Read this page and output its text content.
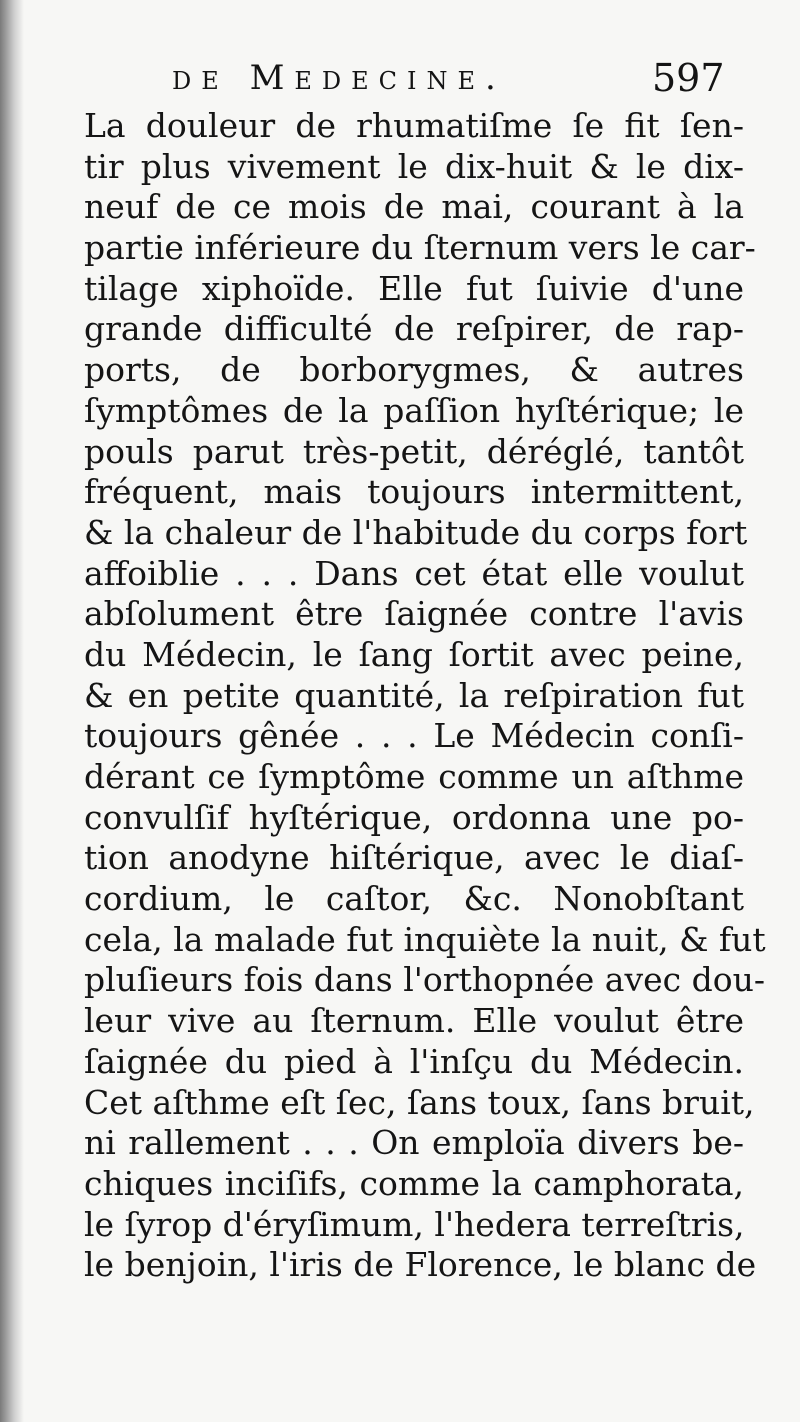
de Medecine.	597
La douleur de rhumatiſme ſe fit ſen-
tir plus vivement le dix-huit & le dix-
neuf de ce mois de mai, courant à la
partie inférieure du ſternum vers le car-
tilage xiphoïde. Elle fut ſuivie d'une
grande difficulté de reſpirer, de rap-
ports, de borborygmes, & autres
ſymptômes de la paſſion hyſtérique; le
pouls parut très-petit, déréglé, tantôt
fréquent, mais toujours intermittent,
& la chaleur de l'habitude du corps fort
affoiblie . . . Dans cet état elle voulut
abſolument être ſaignée contre l'avis
du Médecin, le ſang ſortit avec peine,
& en petite quantité, la reſpiration fut
toujours gênée . . . Le Médecin conſi-
dérant ce ſymptôme comme un aſthme
convulſif hyſtérique, ordonna une po-
tion anodyne hiſtérique, avec le diaſ-
cordium, le caſtor, &c. Nonobſtant
cela, la malade fut inquiète la nuit, & fut
pluſieurs fois dans l'orthopnée avec dou-
leur vive au ſternum. Elle voulut être
ſaignée du pied à l'inſçu du Médecin.
Cet aſthme eſt ſec, ſans toux, ſans bruit,
ni rallement . . . On emploïa divers be-
chiques inciſifs, comme la camphorata,
le ſyrop d'éryſimum, l'hedera terreſtris,
le benjoin, l'iris de Florence, le blanc de
